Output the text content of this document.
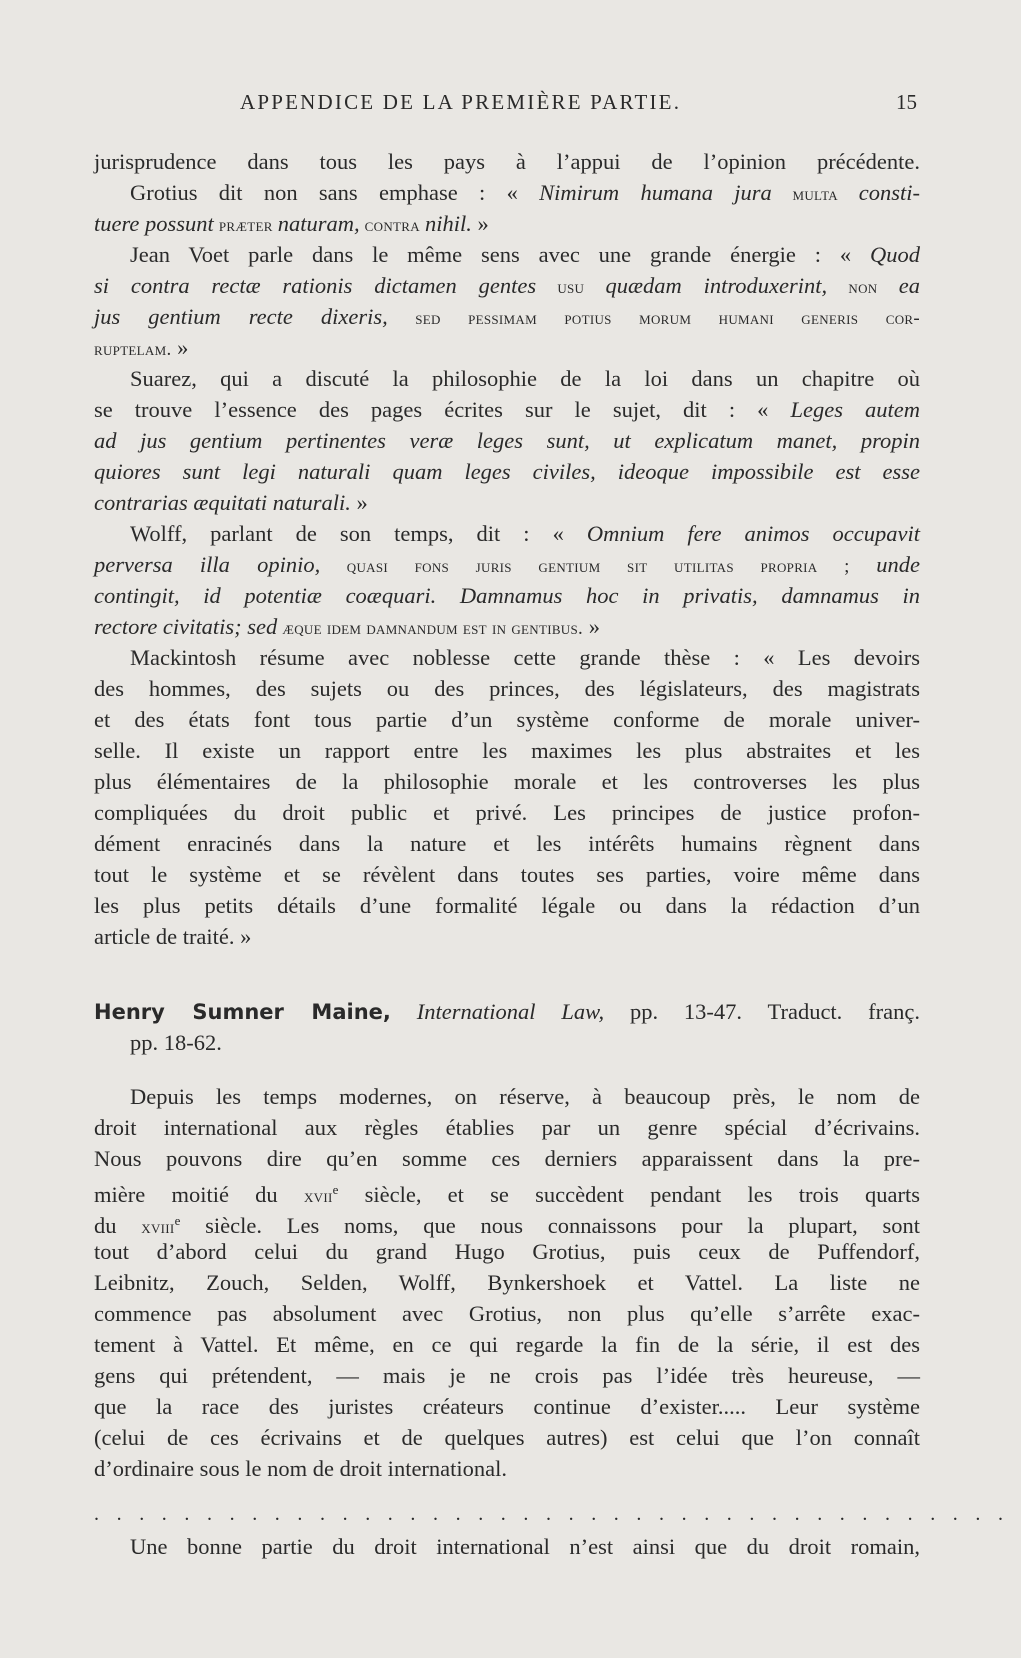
APPENDICE DE LA PREMIÈRE PARTIE.	15
jurisprudence dans tous les pays à l’appui de l’opinion précédente.
Grotius dit non sans emphase : « Nimirum humana jura multa consti-
tuere possunt præter naturam, contra nihil. »
Jean Voet parle dans le même sens avec une grande énergie : « Quod
si contra rectæ rationis dictamen gentes usu quædam introduxerint, non ea
jus gentium recte dixeris, sed pessimam potius morum humani generis cor-
ruptelam. »
Suarez, qui a discuté la philosophie de la loi dans un chapitre où
se trouve l’essence des pages écrites sur le sujet, dit : « Leges autem
ad jus gentium pertinentes veræ leges sunt, ut explicatum manet, propin
quiores sunt legi naturali quam leges civiles, ideoque impossibile est esse
contrarias æquitati naturali. »
Wolff, parlant de son temps, dit : « Omnium fere animos occupavit
perversa illa opinio, quasi fons juris gentium sit utilitas propria ; unde
contingit, id potentiæ coæquari. Damnamus hoc in privatis, damnamus in
rectore civitatis; sed æque idem damnandum est in gentibus. »
Mackintosh résume avec noblesse cette grande thèse : « Les devoirs
des hommes, des sujets ou des princes, des législateurs, des magistrats
et des états font tous partie d’un système conforme de morale univer-
selle. Il existe un rapport entre les maximes les plus abstraites et les
plus élémentaires de la philosophie morale et les controverses les plus
compliquées du droit public et privé. Les principes de justice profon-
dément enracinés dans la nature et les intérêts humains règnent dans
tout le système et se révèlent dans toutes ses parties, voire même dans
les plus petits détails d’une formalité légale ou dans la rédaction d’un
article de traité. »
Henry Sumner Maine, International Law, pp. 13-47. Traduct. franç.
pp. 18-62.
Depuis les temps modernes, on réserve, à beaucoup près, le nom de
droit international aux règles établies par un genre spécial d’écrivains.
Nous pouvons dire qu’en somme ces derniers apparaissent dans la pre-
mière moitié du xvii$^e$ siècle, et se succèdent pendant les trois quarts
du xviii$^e$ siècle. Les noms, que nous connaissons pour la plupart, sont
tout d’abord celui du grand Hugo Grotius, puis ceux de Puffendorf,
Leibnitz, Zouch, Selden, Wolff, Bynkershoek et Vattel. La liste ne
commence pas absolument avec Grotius, non plus qu’elle s’arrête exac-
tement à Vattel. Et même, en ce qui regarde la fin de la série, il est des
gens qui prétendent, — mais je ne crois pas l’idée très heureuse, —
que la race des juristes créateurs continue d’exister..... Leur système
(celui de ces écrivains et de quelques autres) est celui que l’on connaît
d’ordinaire sous le nom de droit international.
.........................................
Une bonne partie du droit international n’est ainsi que du droit romain,
